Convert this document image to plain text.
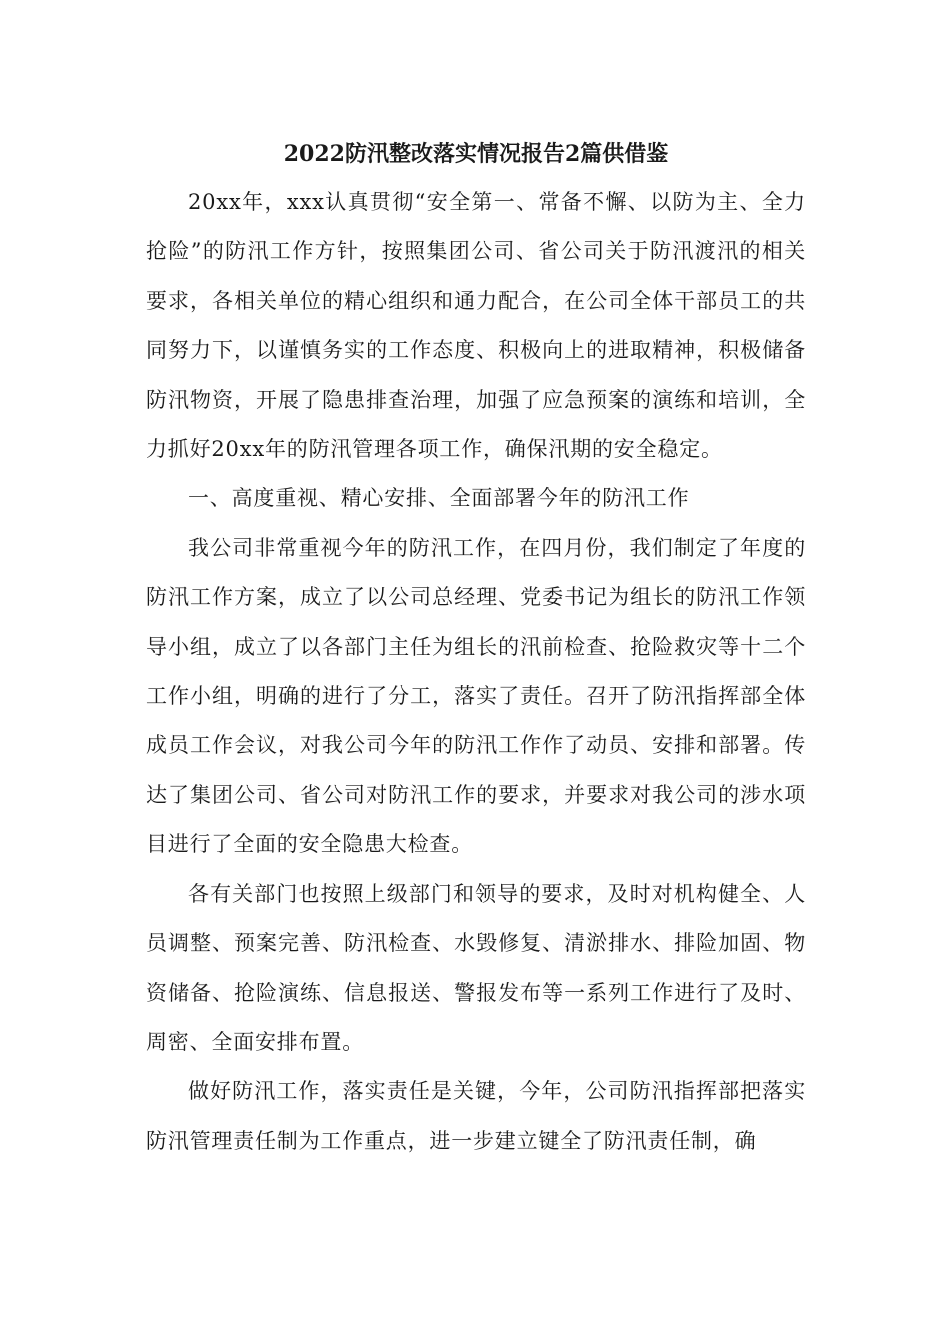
2022防汛整改落实情况报告2篇供借鉴

20xx年，xxx认真贯彻“安全第一、常备不懈、以防为主、全力抢险”的防汛工作方针，按照集团公司、省公司关于防汛渡汛的相关要求，各相关单位的精心组织和通力配合，在公司全体干部员工的共同努力下，以谨慎务实的工作态度、积极向上的进取精神，积极储备防汛物资，开展了隐患排查治理，加强了应急预案的演练和培训，全力抓好20xx年的防汛管理各项工作，确保汛期的安全稳定。

一、高度重视、精心安排、全面部署今年的防汛工作

我公司非常重视今年的防汛工作，在四月份，我们制定了年度的防汛工作方案，成立了以公司总经理、党委书记为组长的防汛工作领导小组，成立了以各部门主任为组长的汛前检查、抢险救灾等十二个工作小组，明确的进行了分工，落实了责任。召开了防汛指挥部全体成员工作会议，对我公司今年的防汛工作作了动员、安排和部署。传达了集团公司、省公司对防汛工作的要求，并要求对我公司的涉水项目进行了全面的安全隐患大检查。

各有关部门也按照上级部门和领导的要求，及时对机构健全、人员调整、预案完善、防汛检查、水毁修复、清淤排水、排险加固、物资储备、抢险演练、信息报送、警报发布等一系列工作进行了及时、周密、全面安排布置。

做好防汛工作，落实责任是关键，今年，公司防汛指挥部把落实防汛管理责任制为工作重点，进一步建立键全了防汛责任制，确
